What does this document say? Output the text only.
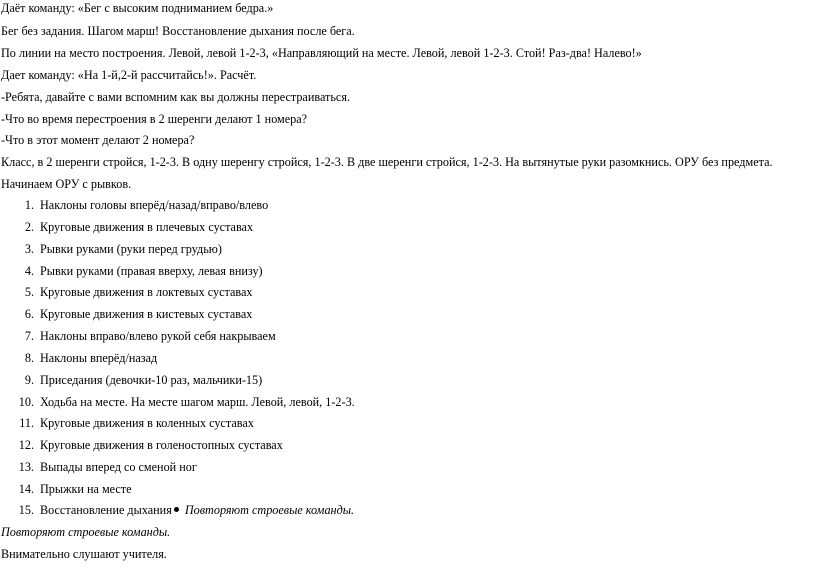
Даёт команду: «Бег с высоким подниманием бедра.»
Бег без задания. Шагом марш! Восстановление дыхания после бега.
По линии на место построения. Левой, левой 1-2-3, «Направляющий на месте. Левой, левой 1-2-3. Стой! Раз-два! Налево!»
Дает команду: «На 1-й,2-й рассчитайсь!». Расчёт.
-Ребята, давайте с вами вспомним как вы должны перестраиваться.
-Что во время перестроения в 2 шеренги делают 1 номера?
-Что в этот момент делают 2 номера?
Класс, в 2 шеренги стройся, 1-2-3. В одну шеренгу стройся, 1-2-3. В две шеренги стройся, 1-2-3. На вытянутые руки разомкнись. ОРУ без предмета.
Начинаем ОРУ с рывков.
1. Наклоны головы вперёд/назад/вправо/влево
2. Круговые движения в плечевых суставах
3. Рывки руками (руки перед грудью)
4. Рывки руками (правая вверху, левая внизу)
5. Круговые движения в локтевых суставах
6. Круговые движения в кистевых суставах
7. Наклоны вправо/влево рукой себя накрываем
8. Наклоны вперёд/назад
9. Приседания (девочки-10 раз, мальчики-15)
10. Ходьба на месте. На месте шагом марш. Левой, левой, 1-2-3.
11. Круговые движения в коленных суставах
12. Круговые движения в голеностопных суставах
13. Выпады вперед со сменой ног
14. Прыжки на месте
15. Восстановление дыхания Повторяют строевые команды.
Повторяют строевые команды.
Внимательно слушают учителя.
